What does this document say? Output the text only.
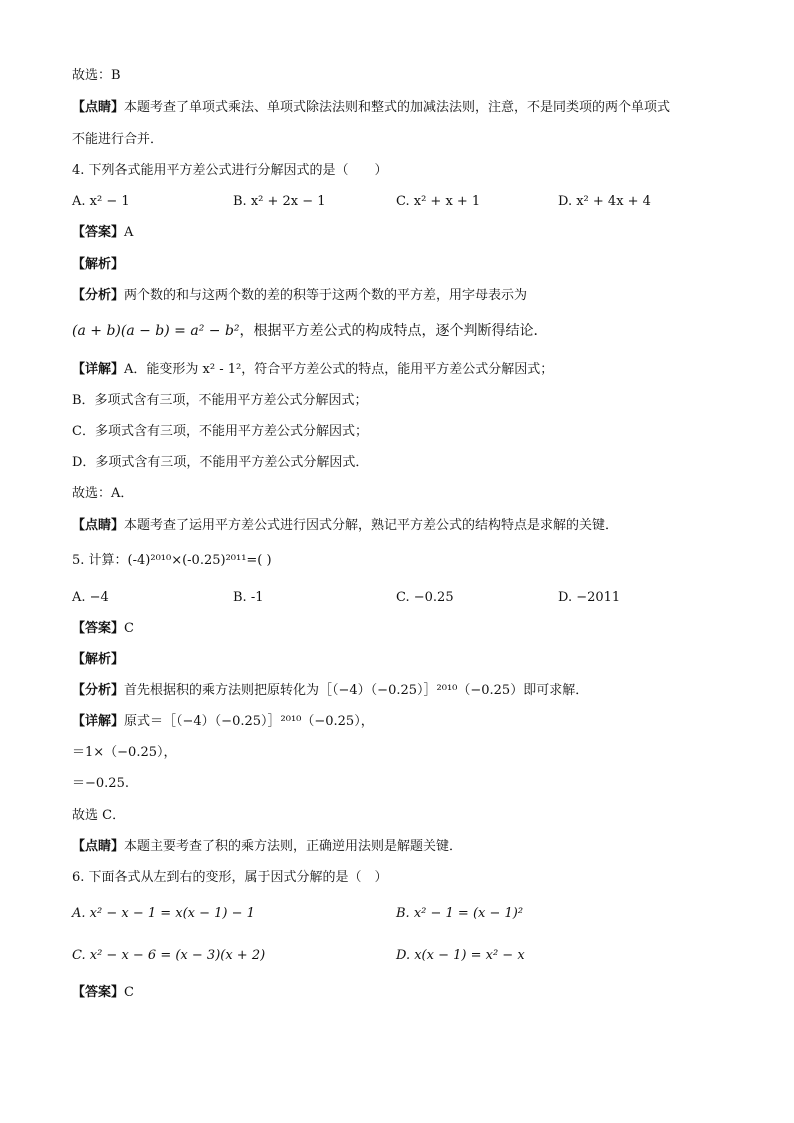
故选：B
【点睛】本题考查了单项式乘法、单项式除法法则和整式的加减法法则，注意，不是同类项的两个单项式
不能进行合并．
4. 下列各式能用平方差公式进行分解因式的是（　　）
A. x² − 1	B. x² + 2x − 1	C. x² + x + 1	D. x² + 4x + 4
【答案】A
【解析】
【分析】两个数的和与这两个数的差的积等于这两个数的平方差，用字母表示为
(a + b)(a − b) = a² − b²，根据平方差公式的构成特点，逐个判断得结论．
【详解】A．能变形为 x² - 1²，符合平方差公式的特点，能用平方差公式分解因式；
B．多项式含有三项，不能用平方差公式分解因式；
C．多项式含有三项，不能用平方差公式分解因式；
D．多项式含有三项，不能用平方差公式分解因式．
故选：A．
【点睛】本题考查了运用平方差公式进行因式分解，熟记平方差公式的结构特点是求解的关键．
5. 计算：(-4)²⁰¹⁰×(-0.25)²⁰¹¹=( )
A. −4	B. -1	C. −0.25	D. −2011
【答案】C
【解析】
【分析】首先根据积的乘方法则把原转化为［（−4）（−0.25）］²⁰¹⁰（−0.25）即可求解．
【详解】原式＝［（−4）（−0.25）］²⁰¹⁰（−0.25），
＝1×（−0.25），
＝−0.25.
故选 C．
【点睛】本题主要考查了积的乘方法则，正确逆用法则是解题关键．
6. 下面各式从左到右的变形，属于因式分解的是（　）
A. x² − x − 1 = x(x − 1) − 1	B. x² − 1 = (x − 1)²
C. x² − x − 6 = (x − 3)(x + 2)	D. x(x − 1) = x² − x
【答案】C
